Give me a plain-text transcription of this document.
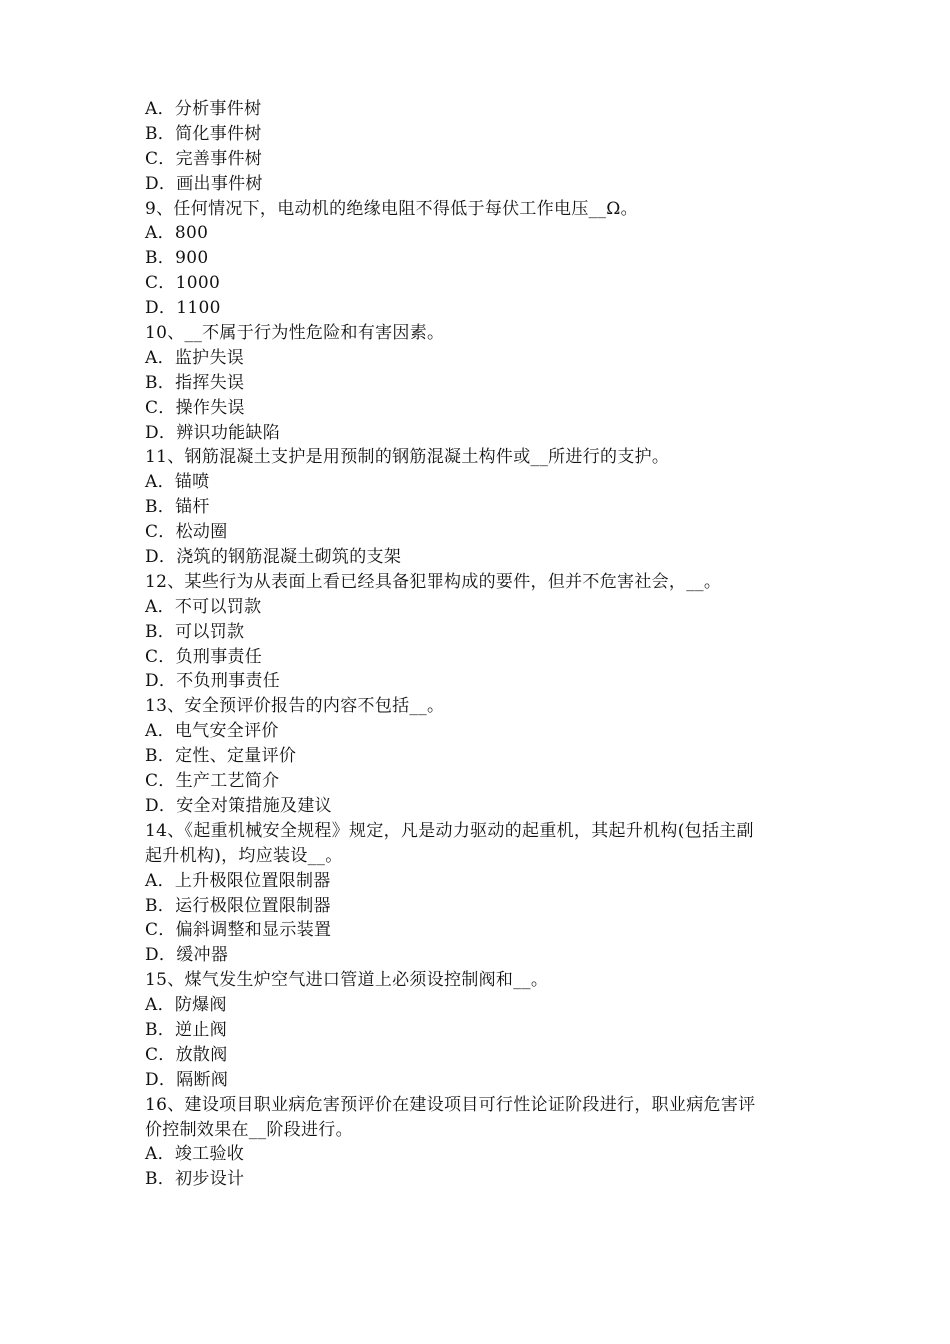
A．分析事件树
B．简化事件树
C．完善事件树
D．画出事件树
9、任何情况下，电动机的绝缘电阻不得低于每伏工作电压__Ω。
A．800
B．900
C．1000
D．1100
10、__不属于行为性危险和有害因素。
A．监护失误
B．指挥失误
C．操作失误
D．辨识功能缺陷
11、钢筋混凝土支护是用预制的钢筋混凝土构件或__所进行的支护。
A．锚喷
B．锚杆
C．松动圈
D．浇筑的钢筋混凝土砌筑的支架
12、某些行为从表面上看已经具备犯罪构成的要件，但并不危害社会，__。
A．不可以罚款
B．可以罚款
C．负刑事责任
D．不负刑事责任
13、安全预评价报告的内容不包括__。
A．电气安全评价
B．定性、定量评价
C．生产工艺简介
D．安全对策措施及建议
14、《起重机械安全规程》规定，凡是动力驱动的起重机，其起升机构(包括主副
起升机构)，均应装设__。
A．上升极限位置限制器
B．运行极限位置限制器
C．偏斜调整和显示装置
D．缓冲器
15、煤气发生炉空气进口管道上必须设控制阀和__。
A．防爆阀
B．逆止阀
C．放散阀
D．隔断阀
16、建设项目职业病危害预评价在建设项目可行性论证阶段进行，职业病危害评
价控制效果在__阶段进行。
A．竣工验收
B．初步设计
